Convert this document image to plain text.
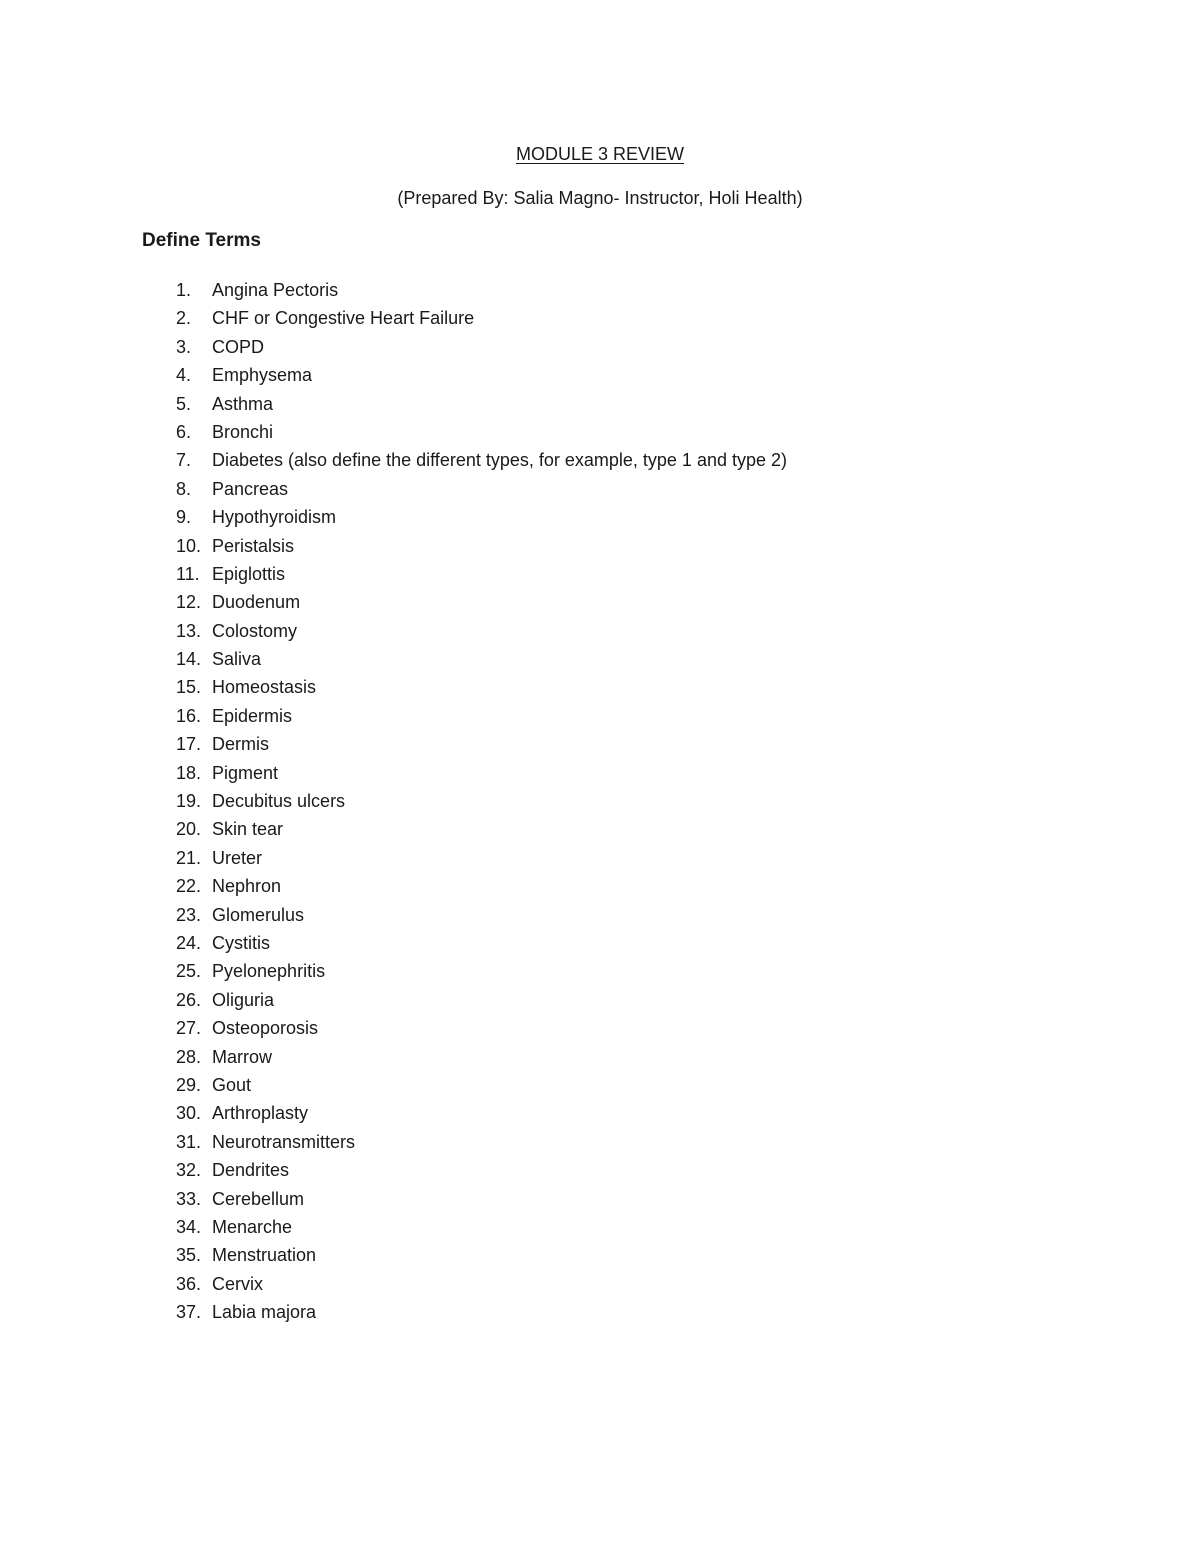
MODULE 3 REVIEW
(Prepared By: Salia Magno- Instructor, Holi Health)
Define Terms
1. Angina Pectoris
2. CHF or Congestive Heart Failure
3. COPD
4. Emphysema
5. Asthma
6. Bronchi
7. Diabetes (also define the different types, for example, type 1 and type 2)
8. Pancreas
9. Hypothyroidism
10. Peristalsis
11. Epiglottis
12. Duodenum
13. Colostomy
14. Saliva
15. Homeostasis
16. Epidermis
17. Dermis
18. Pigment
19. Decubitus ulcers
20. Skin tear
21. Ureter
22. Nephron
23. Glomerulus
24. Cystitis
25. Pyelonephritis
26. Oliguria
27. Osteoporosis
28. Marrow
29. Gout
30. Arthroplasty
31. Neurotransmitters
32. Dendrites
33. Cerebellum
34. Menarche
35. Menstruation
36. Cervix
37. Labia majora
